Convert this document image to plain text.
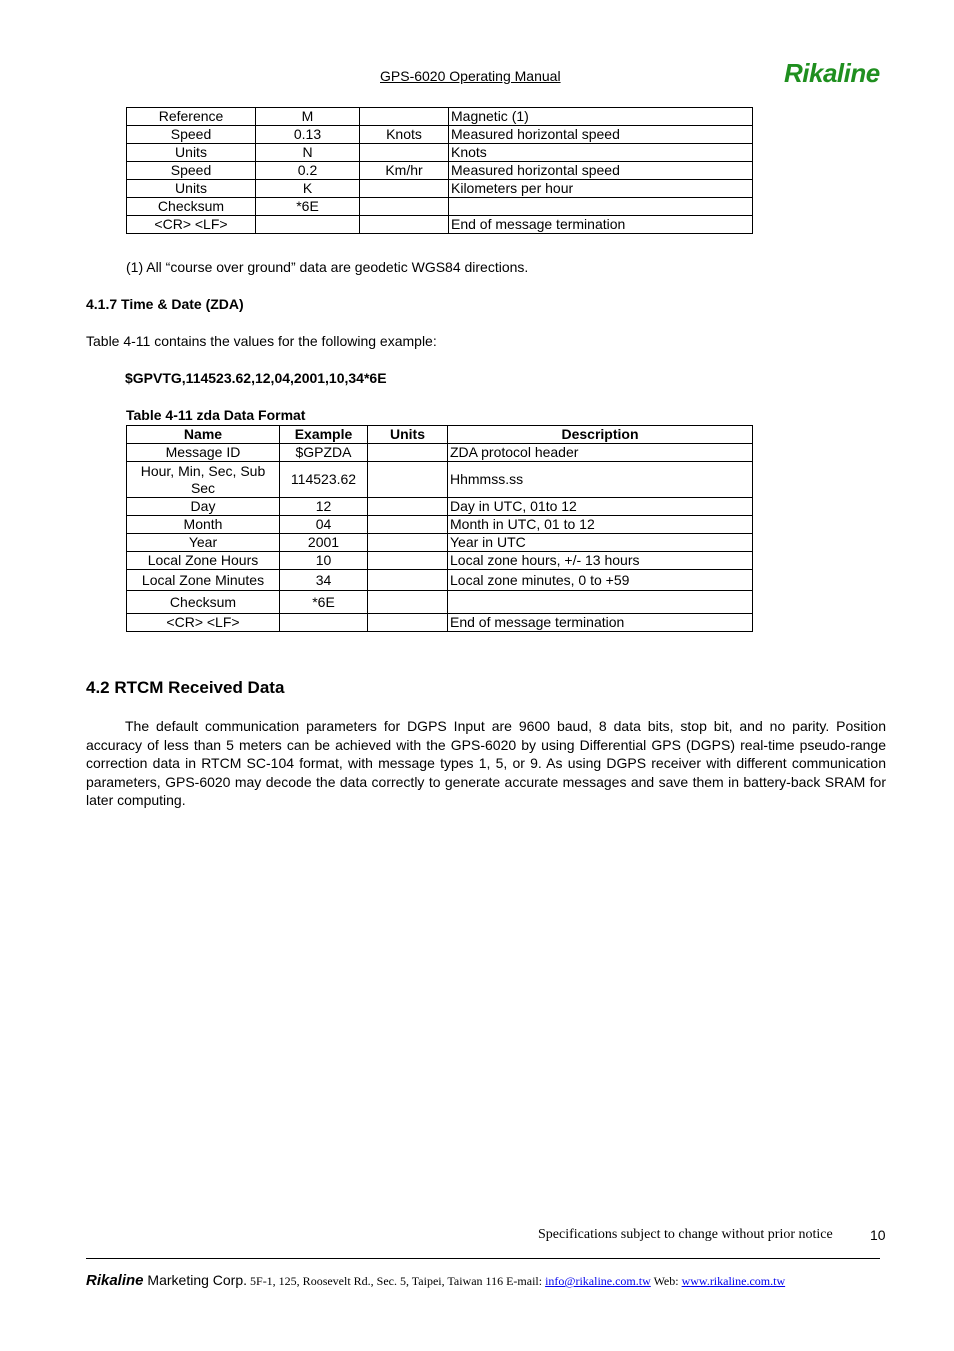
GPS-6020 Operating Manual	Rikaline
Reference	M		Magnetic (1)
Speed	0.13	Knots	Measured horizontal speed
Units	N		Knots
Speed	0.2	Km/hr	Measured horizontal speed
Units	K		Kilometers per hour
Checksum	*6E		
<CR> <LF>			End of message termination
(1) All “course over ground” data are geodetic WGS84 directions.
4.1.7 Time & Date (ZDA)
Table 4-11 contains the values for the following example:
$GPVTG,114523.62,12,04,2001,10,34*6E
Table 4-11 zda Data Format
Name	Example	Units	Description
Message ID	$GPZDA		ZDA protocol header
Hour, Min, Sec, Sub Sec	114523.62		Hhmmss.ss
Day	12		Day in UTC, 01to 12
Month	04		Month in UTC, 01 to 12
Year	2001		Year in UTC
Local Zone Hours	10		Local zone hours, +/- 13 hours
Local Zone Minutes	34		Local zone minutes, 0 to +59
Checksum	*6E		
<CR> <LF>			End of message termination
4.2 RTCM Received Data
The default communication parameters for DGPS Input are 9600 baud, 8 data bits, stop bit, and no parity. Position accuracy of less than 5 meters can be achieved with the GPS-6020 by using Differential GPS (DGPS) real-time pseudo-range correction data in RTCM SC-104 format, with message types 1, 5, or 9. As using DGPS receiver with different communication parameters, GPS-6020 may decode the data correctly to generate accurate messages and save them in battery-back SRAM for later computing.
Specifications subject to change without prior notice	10
Rikaline Marketing Corp. 5F-1, 125, Roosevelt Rd., Sec. 5, Taipei, Taiwan 116 E-mail: info@rikaline.com.tw Web: www.rikaline.com.tw
